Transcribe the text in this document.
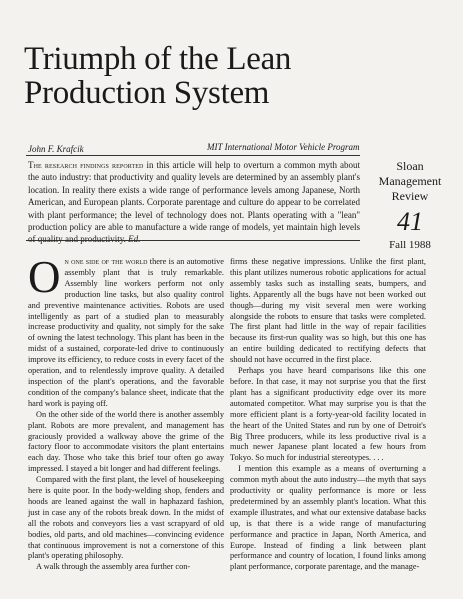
Triumph of the Lean
Production System
John F. Krafcik	MIT International Motor Vehicle Program
The research findings reported in this article will help to overturn a common myth about the auto industry: that productivity and quality levels are determined by an assembly plant's location. In reality there exists a wide range of performance levels among Japanese, North American, and European plants. Corporate parentage and culture do appear to be correlated with plant performance; the level of technology does not. Plants operating with a "lean" production policy are able to manufacture a wide range of models, yet maintain high levels
Sloan
Management
Review
41
Fall 1988

On one side of the world there is an automotive assembly plant that is truly remarkable. Assembly line workers perform not only production line tasks, but also quality control and preventive maintenance activities. Robots are used intelligently as part of a studied plan to measurably increase productivity and quality, not simply for the sake of owning the latest technology. This plant has been in the midst of a sustained, corporate-led drive to continuously improve its efficiency, to reduce costs in every facet of the operation, and to relentlessly improve quality. A detailed inspection of the plant's operations, and the favorable condition of the company's balance sheet, indicate that the hard work is paying off.

On the other side of the world there is another assembly plant. Robots are more prevalent, and management has graciously provided a walkway above the grime of the factory floor to accommodate visitors the plant entertains each day. Those who take this brief tour often go away impressed. I stayed a bit longer and had different feelings.

Compared with the first plant, the level of housekeeping here is quite poor. In the body-welding shop, fenders and hoods are leaned against the wall in haphazard fashion, just in case any of the robots break down. In the midst of all the robots and conveyors lies a vast scrapyard of old bodies, old parts, and old machines—convincing evidence that continuous improvement is not a cornerstone of this plant's operating philosophy.

A walk through the assembly area further con-

firms these negative impressions. Unlike the first plant, this plant utilizes numerous robotic applications for actual assembly tasks such as installing seats, bumpers, and lights. Apparently all the bugs have not been worked out though—during my visit several men were working alongside the robots to ensure that tasks were completed. The first plant had little in the way of repair facilities because its first-run quality was so high, but this one has an entire building dedicated to rectifying defects that should not have occurred in the first place.

Perhaps you have heard comparisons like this one before. In that case, it may not surprise you that the first plant has a significant productivity edge over its more automated competitor. What may surprise you is that the more efficient plant is a forty-year-old facility located in the heart of the United States and run by one of Detroit's Big Three producers, while its less productive rival is a much newer Japanese plant located a few hours from Tokyo. So much for industrial stereotypes. . . .

I mention this example as a means of overturning a common myth about the auto industry—the myth that says productivity or quality performance is more or less predetermined by an assembly plant's location. What this example illustrates, and what our extensive database backs up, is that there is a wide range of manufacturing performance and practice in Japan, North America, and Europe. Instead of finding a link between plant performance and country of location, I found links among plant performance, corporate parentage, and the manage-
